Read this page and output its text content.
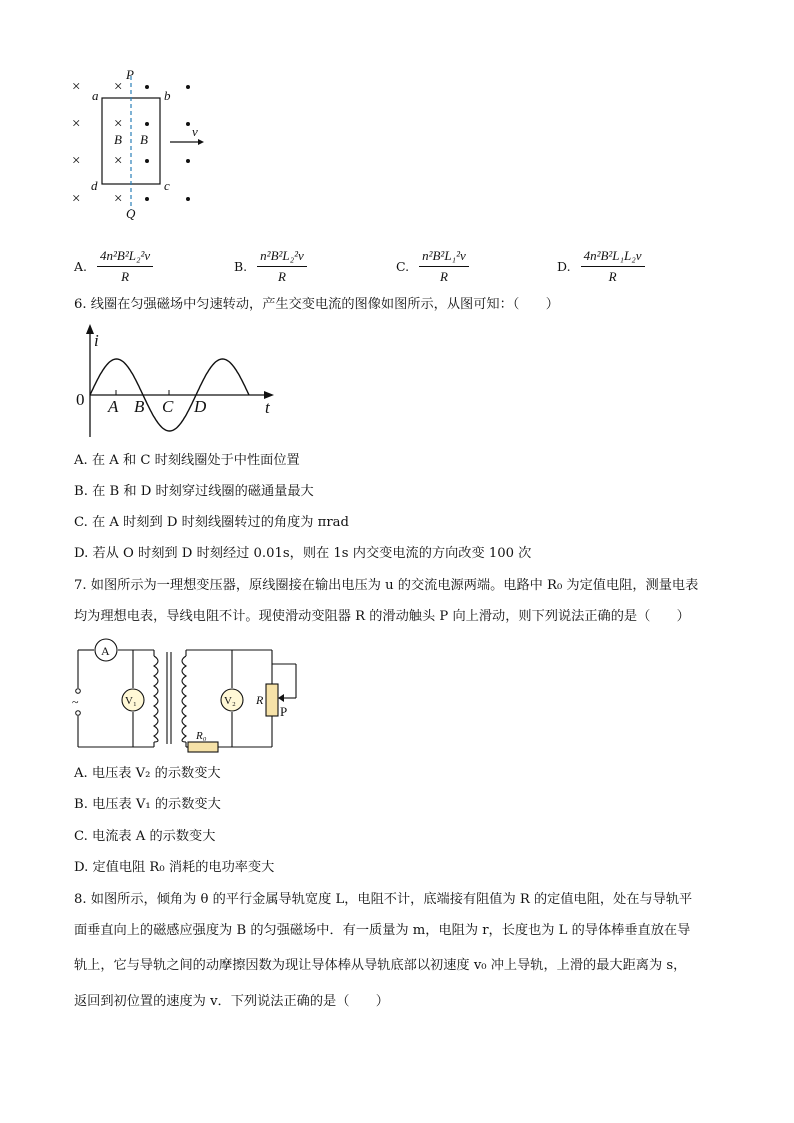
×
×
×
×
×
×
×
×
P
Q
a	b
c
d
B B
v
A. $\frac{\text{4n²B²L₂²v}}{R}$	B. $\frac{\text{n²B²L₂²v}}{R}$	C. $\frac{\text{n²B²L₁²v}}{R}$	D. $\frac{\text{4n²B²L₁L₂v}}{R}$
6. 线圈在匀强磁场中匀速转动，产生交变电流的图像如图所示，从图可知：（　　）
i
t
0 A B C D
A. 在 A 和 C 时刻线圈处于中性面位置
B. 在 B 和 D 时刻穿过线圈的磁通量最大
C. 在 A 时刻到 D 时刻线圈转过的角度为 πrad
D. 若从 O 时刻到 D 时刻经过 0.01s，则在 1s 内交变电流的方向改变 100 次
7. 如图所示为一理想变压器，原线圈接在输出电压为 u 的交流电源两端。电路中 R₀ 为定值电阻，测量电表
均为理想电表，导线电阻不计。现使滑动变阻器 R 的滑动触头 P 向上滑动，则下列说法正确的是（　　）
~
A
V₁	V₂ R
P
R₀
A. 电压表 V₂ 的示数变大
B. 电压表 V₁ 的示数变大
C. 电流表 A 的示数变大
D. 定值电阻 R₀ 消耗的电功率变大
8. 如图所示，倾角为 θ 的平行金属导轨宽度 L，电阻不计，底端接有阻值为 R 的定值电阻，处在与导轨平
面垂直向上的磁感应强度为 B 的匀强磁场中．有一质量为 m，电阻为 r，长度也为 L 的导体棒垂直放在导
轨上，它与导轨之间的动摩擦因数为现让导体棒从导轨底部以初速度 v₀ 冲上导轨，上滑的最大距离为 s，
返回到初位置的速度为 v．下列说法正确的是（　　）
